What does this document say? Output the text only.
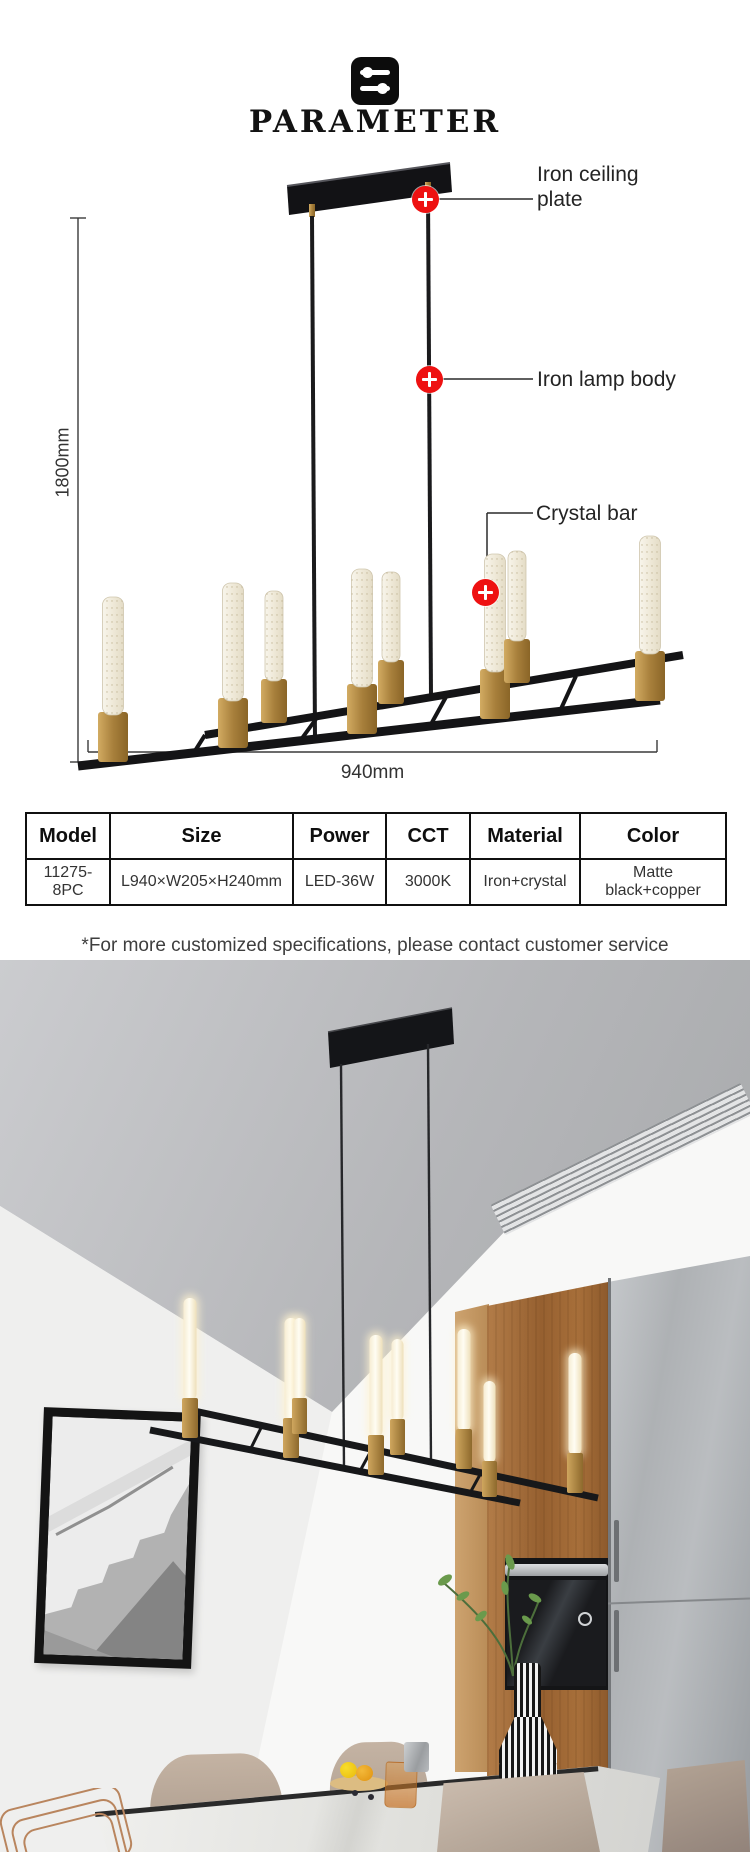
PARAMETER
Iron ceiling plate
Iron lamp body
Crystal bar
1800mm
940mm
Model	Size	Power	CCT	Material	Color
11275-8PC	L940×W205×H240mm	LED-36W	3000K	Iron+crystal	Matte black+copper

*For more customized specifications, please contact customer service
